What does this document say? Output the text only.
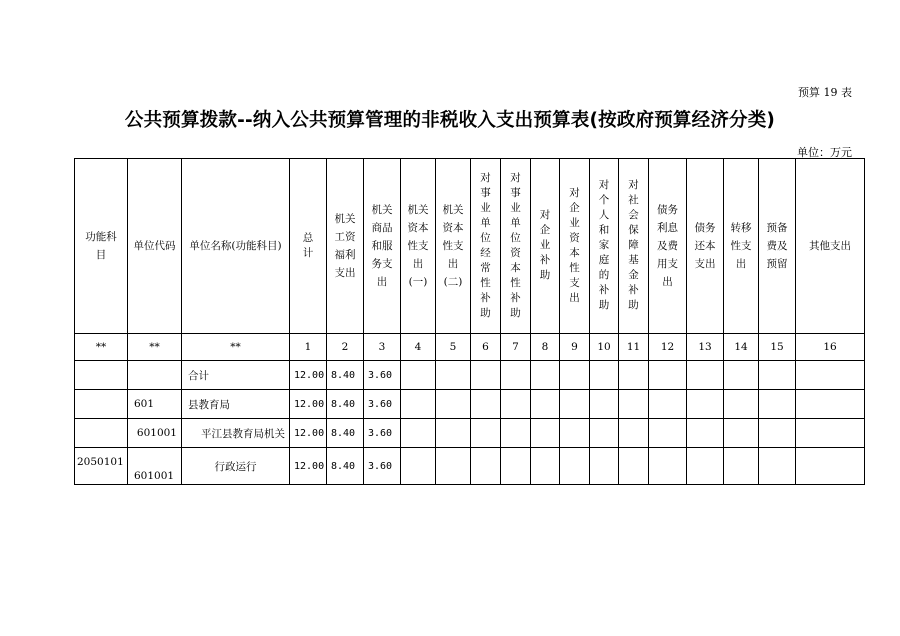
预算 19 表
公共预算拨款--纳入公共预算管理的非税收入支出预算表(按政府预算经济分类)
单位：万元
功能科目	单位代码	单位名称(功能科目)	总计	机关工资福利支出	机关商品和服务支出	机关资本性支出(一)	机关资本性支出(二)	对事业单位经常性补助	对事业单位资本性补助	对企业补助	对企业资本性支出	对个人和家庭的补助	对社会保障基金补助	债务利息及费用支出	债务还本支出	转移性支出	预备费及预留	其他支出
**	**	**	1	2	3	4	5	6	7	8	9	10	11	12	13	14	15	16
		合计	12.00	8.40	3.60													
	601	县教育局	12.00	8.40	3.60													
	601001	平江县教育局机关	12.00	8.40	3.60													
2050101	601001	行政运行	12.00	8.40	3.60													
